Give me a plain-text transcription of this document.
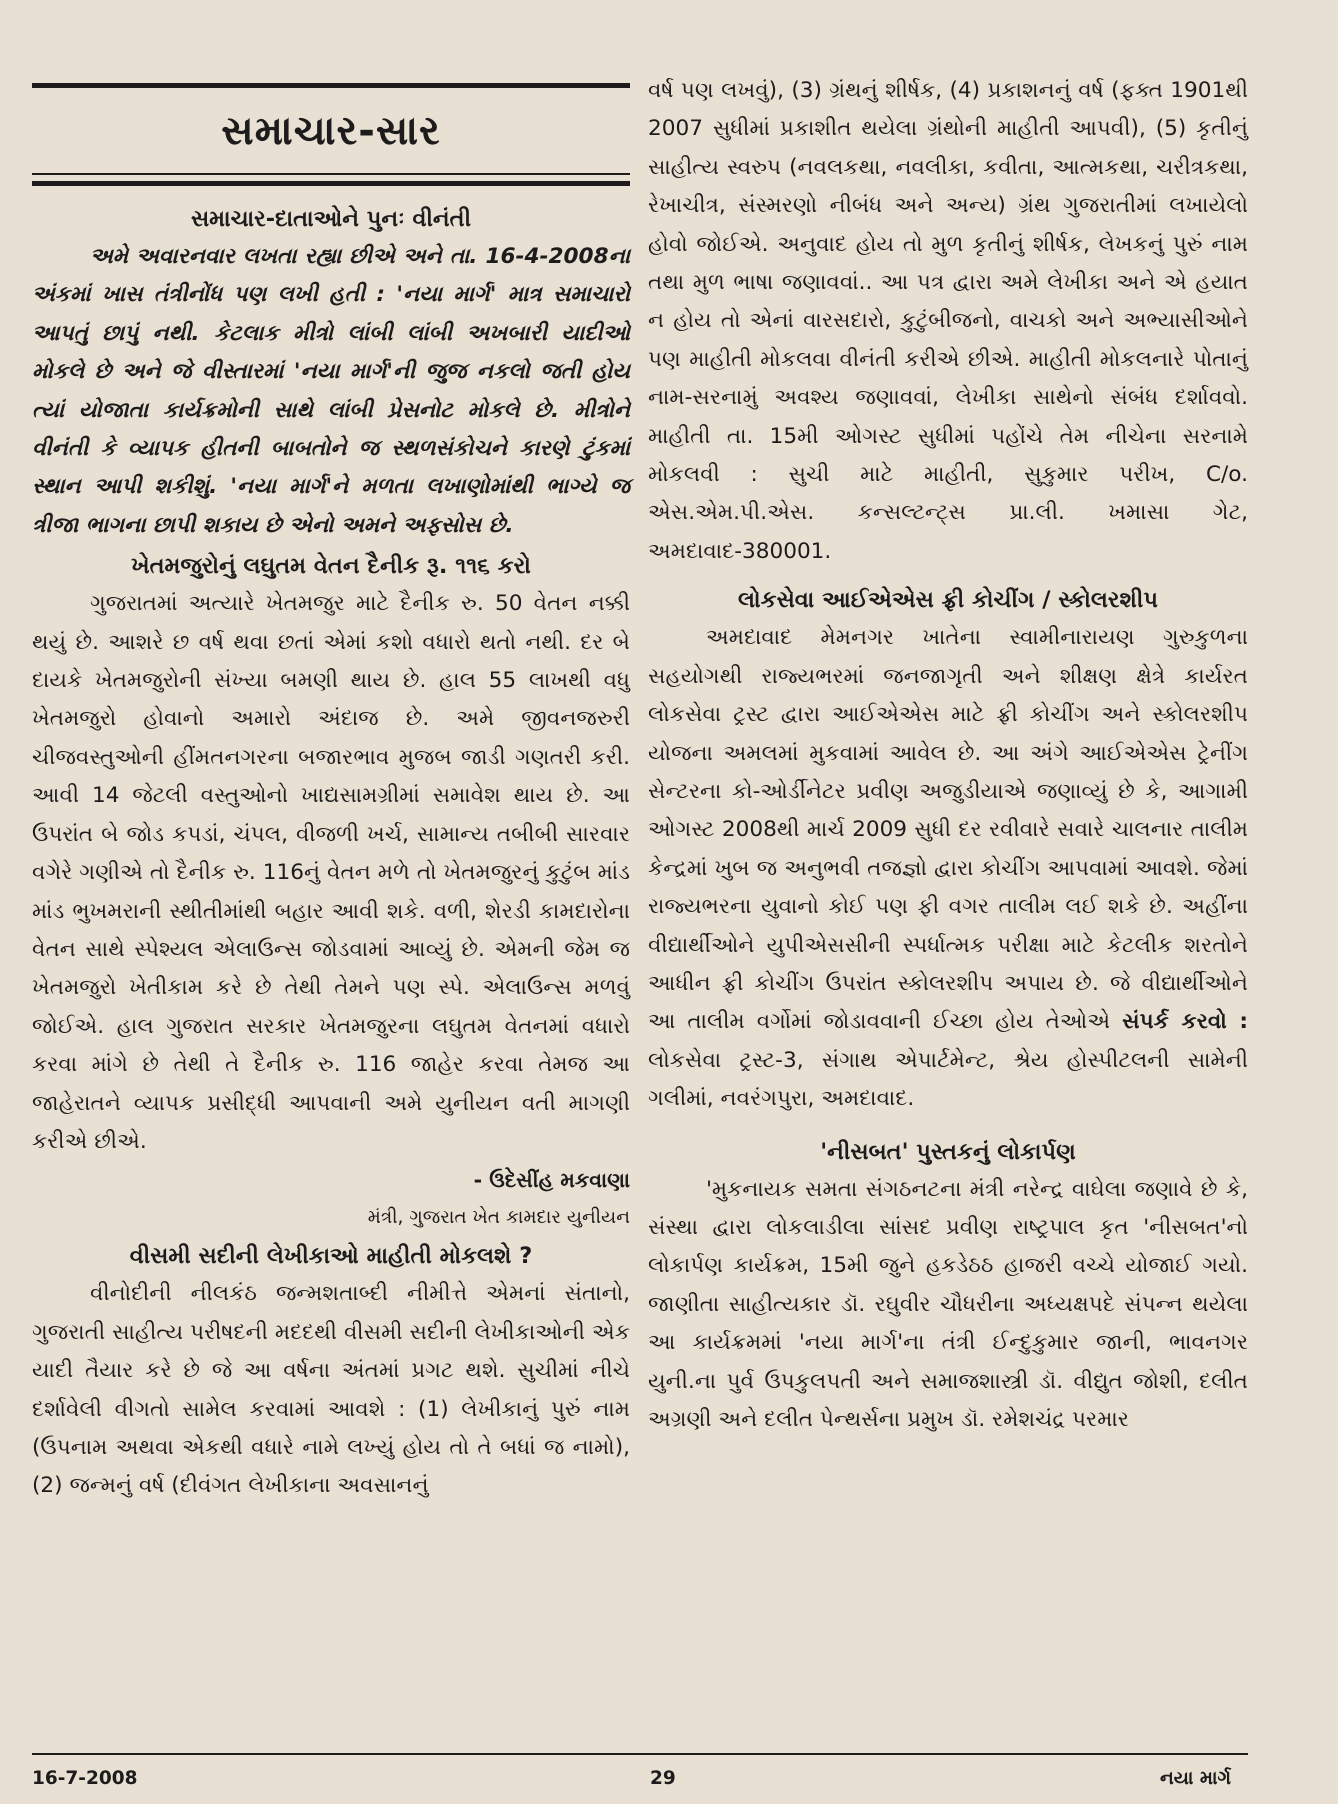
સમાચાર-સાર
સમાચાર-દાતાઓને પુનઃ વીનંતી

અમે અવારનવાર લખતા રહ્યા છીએ અને તા. 16-4-2008ના અંકમાં ખાસ તંત્રીનોંધ પણ લખી હતી : 'નયા માર્ગ' માત્ર સમાચારો આપતું છાપું નથી. કેટલાક મીત્રો લાંબી લાંબી અખબારી યાદીઓ મોકલે છે અને જે વીસ્તારમાં 'નયા માર્ગ'ની જુજ નકલો જતી હોય ત્યાં યોજાતા કાર્યક્રમોની સાથે લાંબી પ્રેસનોટ મોકલે છે. મીત્રોને વીનંતી કે વ્યાપક હીતની બાબતોને જ સ્થળસંકોચને કારણે ટુંકમાં સ્થાન આપી શકીશું. 'નયા માર્ગ'ને મળતા લખાણોમાંથી ભાગ્યે જ ત્રીજા ભાગના છાપી શકાય છે એનો અમને અફસોસ છે.

ખેતમજુરોનું લઘુતમ વેતન દૈનીક રૂ. ૧૧૬ કરો

ગુજરાતમાં અત્યારે ખેતમજુર માટે દૈનીક રુ. 50 વેતન નક્કી થયું છે. આશરે છ વર્ષ થવા છતાં એમાં કશો વધારો થતો નથી. દર બે દાયકે ખેતમજુરોની સંખ્યા બમણી થાય છે. હાલ 55 લાખથી વધુ ખેતમજુરો હોવાનો અમારો અંદાજ છે. અમે જીવનજરુરી ચીજવસ્તુઓની હીંમતનગરના બજારભાવ મુજબ જાડી ગણતરી કરી. આવી 14 જેટલી વસ્તુઓનો ખાદ્યસામગ્રીમાં સમાવેશ થાય છે. આ ઉપરાંત બે જોડ કપડાં, ચંપલ, વીજળી ખર્ચ, સામાન્ય તબીબી સારવાર વગેરે ગણીએ તો દૈનીક રુ. 116નું વેતન મળે તો ખેતમજુરનું કુટુંબ માંડ માંડ ભુખમરાની સ્થીતીમાંથી બહાર આવી શકે. વળી, શેરડી કામદારોના વેતન સાથે સ્પેશ્યલ એલાઉન્સ જોડવામાં આવ્યું છે. એમની જેમ જ ખેતમજુરો ખેતીકામ કરે છે તેથી તેમને પણ સ્પે. એલાઉન્સ મળવું જોઈએ. હાલ ગુજરાત સરકાર ખેતમજુરના લઘુતમ વેતનમાં વધારો કરવા માંગે છે તેથી તે દૈનીક રુ. 116 જાહેર કરવા તેમજ આ જાહેરાતને વ્યાપક પ્રસીદ્ધી આપવાની અમે યુનીયન વતી માગણી કરીએ છીએ.

- ઉદેસીંહ મકવાણા
મંત્રી, ગુજરાત ખેત કામદાર યુનીયન
વીસમી સદીની લેખીકાઓ માહીતી મોકલશે ?

વીનોદીની નીલકંઠ જન્મશતાબ્દી નીમીત્તે એમનાં સંતાનો, ગુજરાતી સાહીત્ય પરીષદની મદદથી વીસમી સદીની લેખીકાઓની એક યાદી તૈયાર કરે છે જે આ વર્ષના અંતમાં પ્રગટ થશે. સુચીમાં નીચે દર્શાવેલી વીગતો સામેલ કરવામાં આવશે : (1) લેખીકાનું પુરું નામ (ઉપનામ અથવા એકથી વધારે નામે લખ્યું હોય તો તે બધાં જ નામો), (2) જન્મનું વર્ષ (દીવંગત લેખીકાના અવસાનનું

વર્ષ પણ લખવું), (3) ગ્રંથનું શીર્ષક, (4) પ્રકાશનનું વર્ષ (ફક્ત 1901થી 2007 સુધીમાં પ્રકાશીત થયેલા ગ્રંથોની માહીતી આપવી), (5) કૃતીનું સાહીત્ય સ્વરુપ (નવલકથા, નવલીકા, કવીતા, આત્મકથા, ચરીત્રકથા, રેખાચીત્ર, સંસ્મરણો નીબંધ અને અન્ય) ગ્રંથ ગુજરાતીમાં લખાયેલો હોવો જોઈએ. અનુવાદ હોય તો મુળ કૃતીનું શીર્ષક, લેખકનું પુરું નામ તથા મુળ ભાષા જણાવવાં.. આ પત્ર દ્વારા અમે લેખીકા અને એ હયાત ન હોય તો એનાં વારસદારો, કુટુંબીજનો, વાચકો અને અભ્યાસીઓને પણ માહીતી મોકલવા વીનંતી કરીએ છીએ. માહીતી મોકલનારે પોતાનું નામ-સરનામું અવશ્ય જણાવવાં, લેખીકા સાથેનો સંબંધ દર્શાવવો. માહીતી તા. 15મી ઓગસ્ટ સુધીમાં પહોંચે તેમ નીચેના સરનામે મોકલવી : સુચી માટે માહીતી, સુકુમાર પરીખ, C/o. એસ.એમ.પી.એસ. કન્સલ્ટન્ટ્સ પ્રા.લી. ખમાસા ગેટ, અમદાવાદ-380001.

લોકસેવા આઈએએસ ફ્રી કોચીંગ / સ્કોલરશીપ

અમદાવાદ મેમનગર ખાતેના સ્વામીનારાયણ ગુરુકુળના સહયોગથી રાજ્યભરમાં જનજાગૃતી અને શીક્ષણ ક્ષેત્રે કાર્યરત લોકસેવા ટ્રસ્ટ દ્વારા આઈએએસ માટે ફ્રી કોચીંગ અને સ્કોલરશીપ યોજના અમલમાં મુકવામાં આવેલ છે. આ અંગે આઈએએસ ટ્રેનીંગ સેન્ટરના કો-ઓર્ડીનેટર પ્રવીણ અજુડીયાએ જણાવ્યું છે કે, આગામી ઓગસ્ટ 2008થી માર્ચ 2009 સુધી દર રવીવારે સવારે ચાલનાર તાલીમ કેન્દ્રમાં ખુબ જ અનુભવી તજજ્ઞો દ્વારા કોચીંગ આપવામાં આવશે. જેમાં રાજ્યભરના યુવાનો કોઈ પણ ફી વગર તાલીમ લઈ શકે છે. અહીંના વીદ્યાર્થીઓને યુપીએસસીની સ્પર્ધાત્મક પરીક્ષા માટે કેટલીક શરતોને આધીન ફ્રી કોચીંગ ઉપરાંત સ્કોલરશીપ અપાય છે. જે વીદ્યાર્થીઓને આ તાલીમ વર્ગોમાં જોડાવવાની ઈચ્છા હોય તેઓએ સંપર્ક કરવો : લોકસેવા ટ્રસ્ટ-3, સંગાથ એપાર્ટમેન્ટ, શ્રેય હોસ્પીટલની સામેની ગલીમાં, નવરંગપુરા, અમદાવાદ.

'નીસબત' પુસ્તકનું લોકાર્પણ

'મુકનાયક સમતા સંગઠનટના મંત્રી નરેન્દ્ર વાઘેલા જણાવે છે કે, સંસ્થા દ્વારા લોકલાડીલા સાંસદ પ્રવીણ રાષ્ટ્રપાલ કૃત 'નીસબત'નો લોકાર્પણ કાર્યક્રમ, 15મી જુને હકડેઠઠ હાજરી વચ્ચે યોજાઈ ગયો. જાણીતા સાહીત્યકાર ડૉ. રઘુવીર ચૌધરીના અધ્યક્ષપદે સંપન્ન થયેલા આ કાર્યક્રમમાં 'નયા માર્ગ'ના તંત્રી ઈન્દુકુમાર જાની, ભાવનગર યુની.ના પુર્વ ઉપકુલપતી અને સમાજશાસ્ત્રી ડૉ. વીદ્યુત જોશી, દલીત અગ્રણી અને દલીત પેન્થર્સના પ્રમુખ ડૉ. રમેશચંદ્ર પરમાર

16-7-2008	29	નયા માર્ગ
